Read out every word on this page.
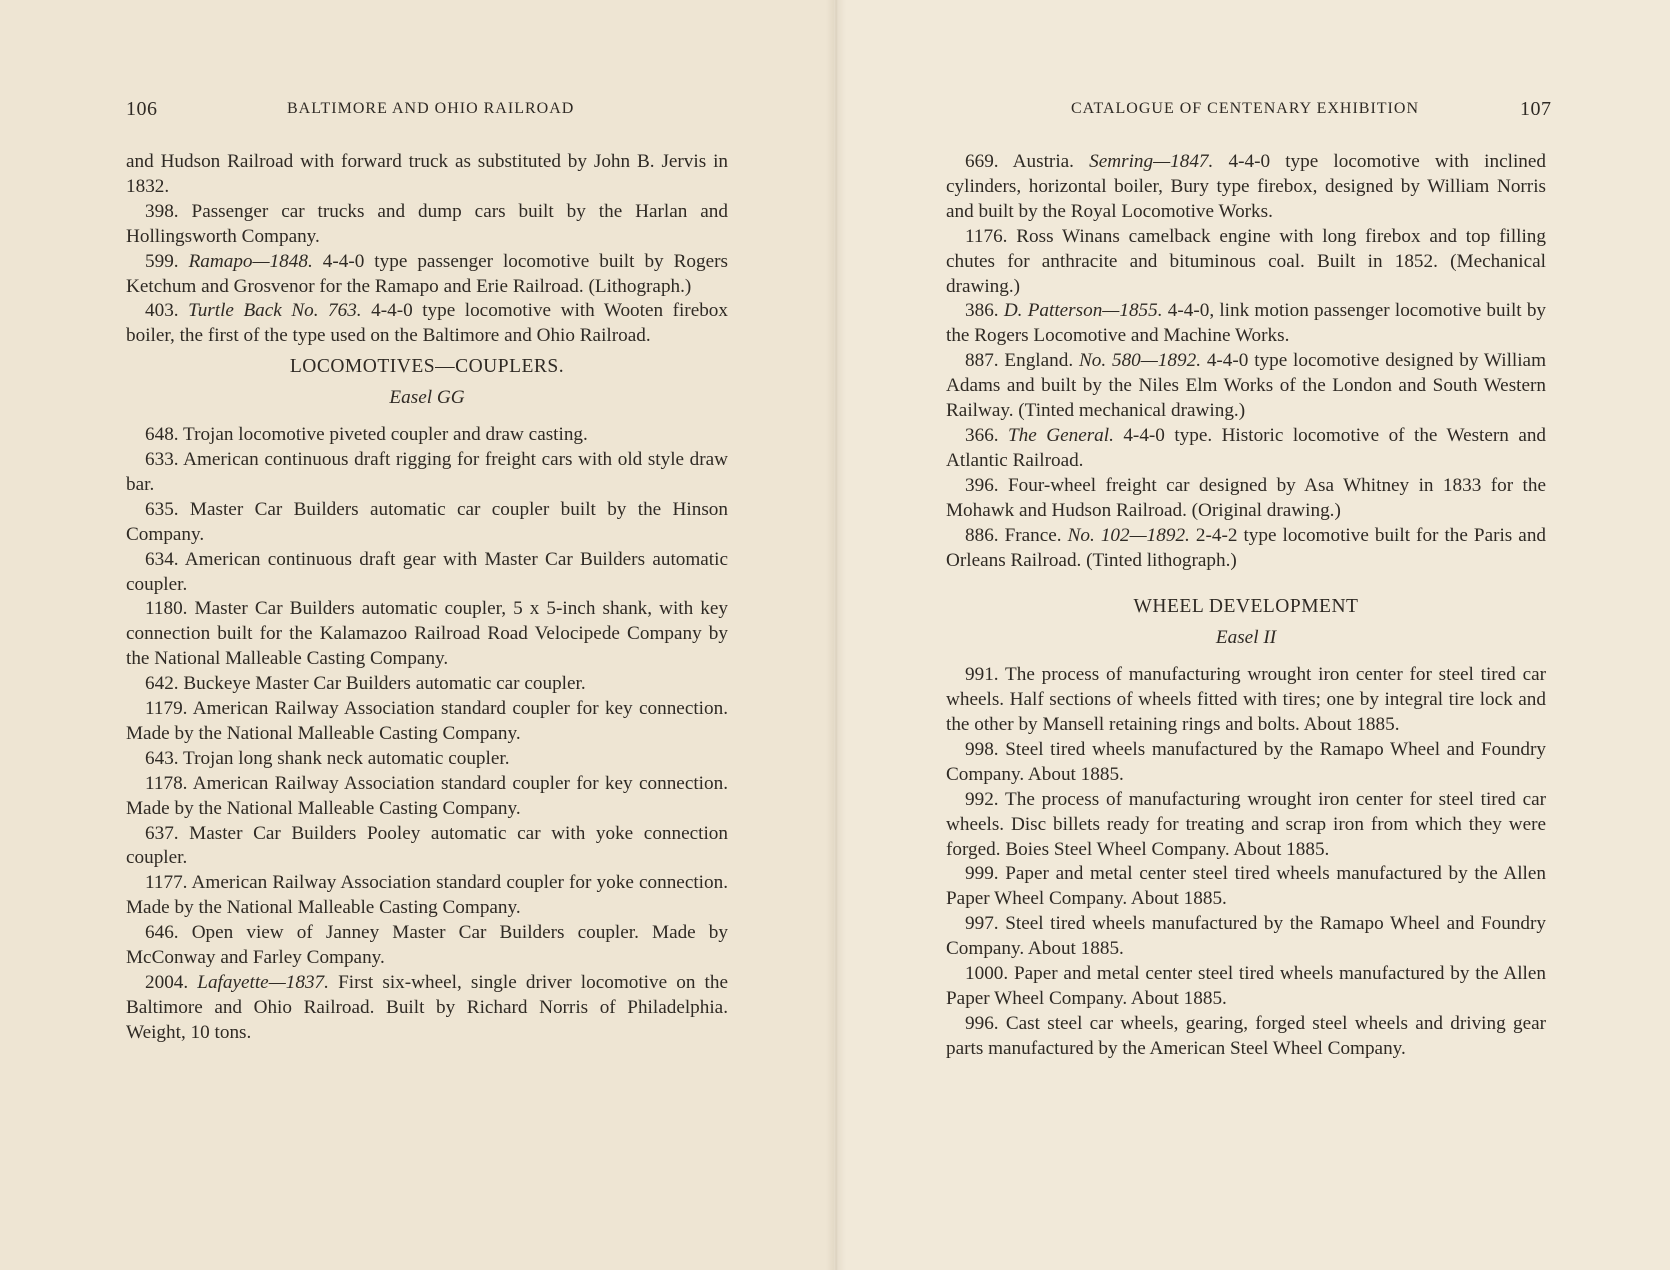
106	BALTIMORE AND OHIO RAILROAD

and Hudson Railroad with forward truck as substituted by John B. Jervis in 1832.

398. Passenger car trucks and dump cars built by the Harlan and Hollingsworth Company.

599. Ramapo—1848. 4-4-0 type passenger locomotive built by Rogers Ketchum and Grosvenor for the Ramapo and Erie Railroad. (Lithograph.)

403. Turtle Back No. 763. 4-4-0 type locomotive with Wooten firebox boiler, the first of the type used on the Baltimore and Ohio Railroad.

LOCOMOTIVES—COUPLERS.
Easel GG

648. Trojan locomotive piveted coupler and draw casting.

633. American continuous draft rigging for freight cars with old style draw bar.

635. Master Car Builders automatic car coupler built by the Hinson Company.

634. American continuous draft gear with Master Car Builders automatic coupler.

1180. Master Car Builders automatic coupler, 5 x 5-inch shank, with key connection built for the Kalamazoo Railroad Road Velocipede Company by the National Malleable Casting Company.

642. Buckeye Master Car Builders automatic car coupler.

1179. American Railway Association standard coupler for key connection. Made by the National Malleable Casting Company.

643. Trojan long shank neck automatic coupler.

1178. American Railway Association standard coupler for key connection. Made by the National Malleable Casting Company.

637. Master Car Builders Pooley automatic car with yoke connection coupler.

1177. American Railway Association standard coupler for yoke connection. Made by the National Malleable Casting Company.

646. Open view of Janney Master Car Builders coupler. Made by McConway and Farley Company.

2004. Lafayette—1837. First six-wheel, single driver locomotive on the Baltimore and Ohio Railroad. Built by Richard Norris of Philadelphia. Weight, 10 tons.

CATALOGUE OF CENTENARY EXHIBITION	107

669. Austria. Semring—1847. 4-4-0 type locomotive with inclined cylinders, horizontal boiler, Bury type firebox, designed by William Norris and built by the Royal Locomotive Works.

1176. Ross Winans camelback engine with long firebox and top filling chutes for anthracite and bituminous coal. Built in 1852. (Mechanical drawing.)

386. D. Patterson—1855. 4-4-0, link motion passenger locomotive built by the Rogers Locomotive and Machine Works.

887. England. No. 580—1892. 4-4-0 type locomotive designed by William Adams and built by the Niles Elm Works of the London and South Western Railway. (Tinted mechanical drawing.)

366. The General. 4-4-0 type. Historic locomotive of the Western and Atlantic Railroad.

396. Four-wheel freight car designed by Asa Whitney in 1833 for the Mohawk and Hudson Railroad. (Original drawing.)

886. France. No. 102—1892. 2-4-2 type locomotive built for the Paris and Orleans Railroad. (Tinted lithograph.)

WHEEL DEVELOPMENT
Easel II

991. The process of manufacturing wrought iron center for steel tired car wheels. Half sections of wheels fitted with tires; one by integral tire lock and the other by Mansell retaining rings and bolts. About 1885.

998. Steel tired wheels manufactured by the Ramapo Wheel and Foundry Company. About 1885.

992. The process of manufacturing wrought iron center for steel tired car wheels. Disc billets ready for treating and scrap iron from which they were forged. Boies Steel Wheel Company. About 1885.

999. Paper and metal center steel tired wheels manufactured by the Allen Paper Wheel Company. About 1885.

997. Steel tired wheels manufactured by the Ramapo Wheel and Foundry Company. About 1885.

1000. Paper and metal center steel tired wheels manufactured by the Allen Paper Wheel Company. About 1885.

996. Cast steel car wheels, gearing, forged steel wheels and driving gear parts manufactured by the American Steel Wheel Company.
